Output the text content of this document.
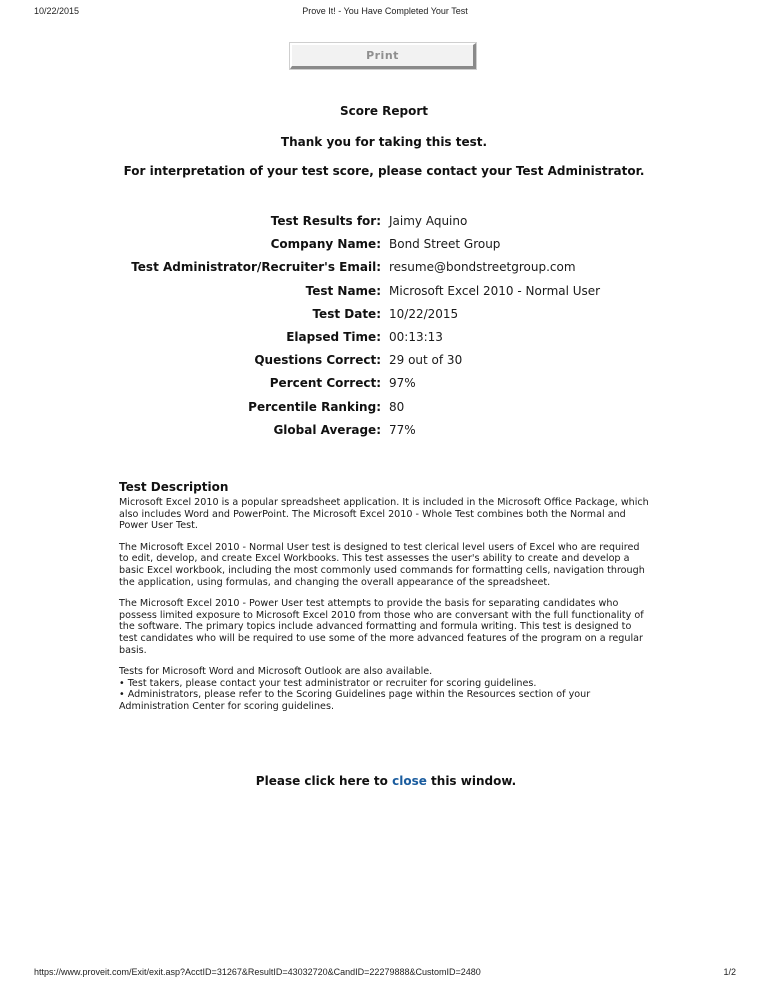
10/22/2015	Prove It! - You Have Completed Your Test
Print
Score Report
Thank you for taking this test.
For interpretation of your test score, please contact your Test Administrator.
Test Results for: Jaimy Aquino
Company Name: Bond Street Group
Test Administrator/Recruiter's Email: resume@bondstreetgroup.com
Test Name: Microsoft Excel 2010 - Normal User
Test Date: 10/22/2015
Elapsed Time: 00:13:13
Questions Correct: 29 out of 30
Percent Correct: 97%
Percentile Ranking: 80
Global Average: 77%
Test Description

Microsoft Excel 2010 is a popular spreadsheet application. It is included in the Microsoft Office Package, which also includes Word and PowerPoint. The Microsoft Excel 2010 - Whole Test combines both the Normal and Power User Test.

The Microsoft Excel 2010 - Normal User test is designed to test clerical level users of Excel who are required to edit, develop, and create Excel Workbooks. This test assesses the user's ability to create and develop a basic Excel workbook, including the most commonly used commands for formatting cells, navigation through the application, using formulas, and changing the overall appearance of the spreadsheet.

The Microsoft Excel 2010 - Power User test attempts to provide the basis for separating candidates who possess limited exposure to Microsoft Excel 2010 from those who are conversant with the full functionality of the software. The primary topics include advanced formatting and formula writing. This test is designed to test candidates who will be required to use some of the more advanced features of the program on a regular basis.

Tests for Microsoft Word and Microsoft Outlook are also available.

• Test takers, please contact your test administrator or recruiter for scoring guidelines.
• Administrators, please refer to the Scoring Guidelines page within the Resources section of your Administration Center for scoring guidelines.
Please click here to close this window.
https://www.proveit.com/Exit/exit.asp?AcctID=31267&ResultID=43032720&CandID=22279888&CustomID=2480	1/2
